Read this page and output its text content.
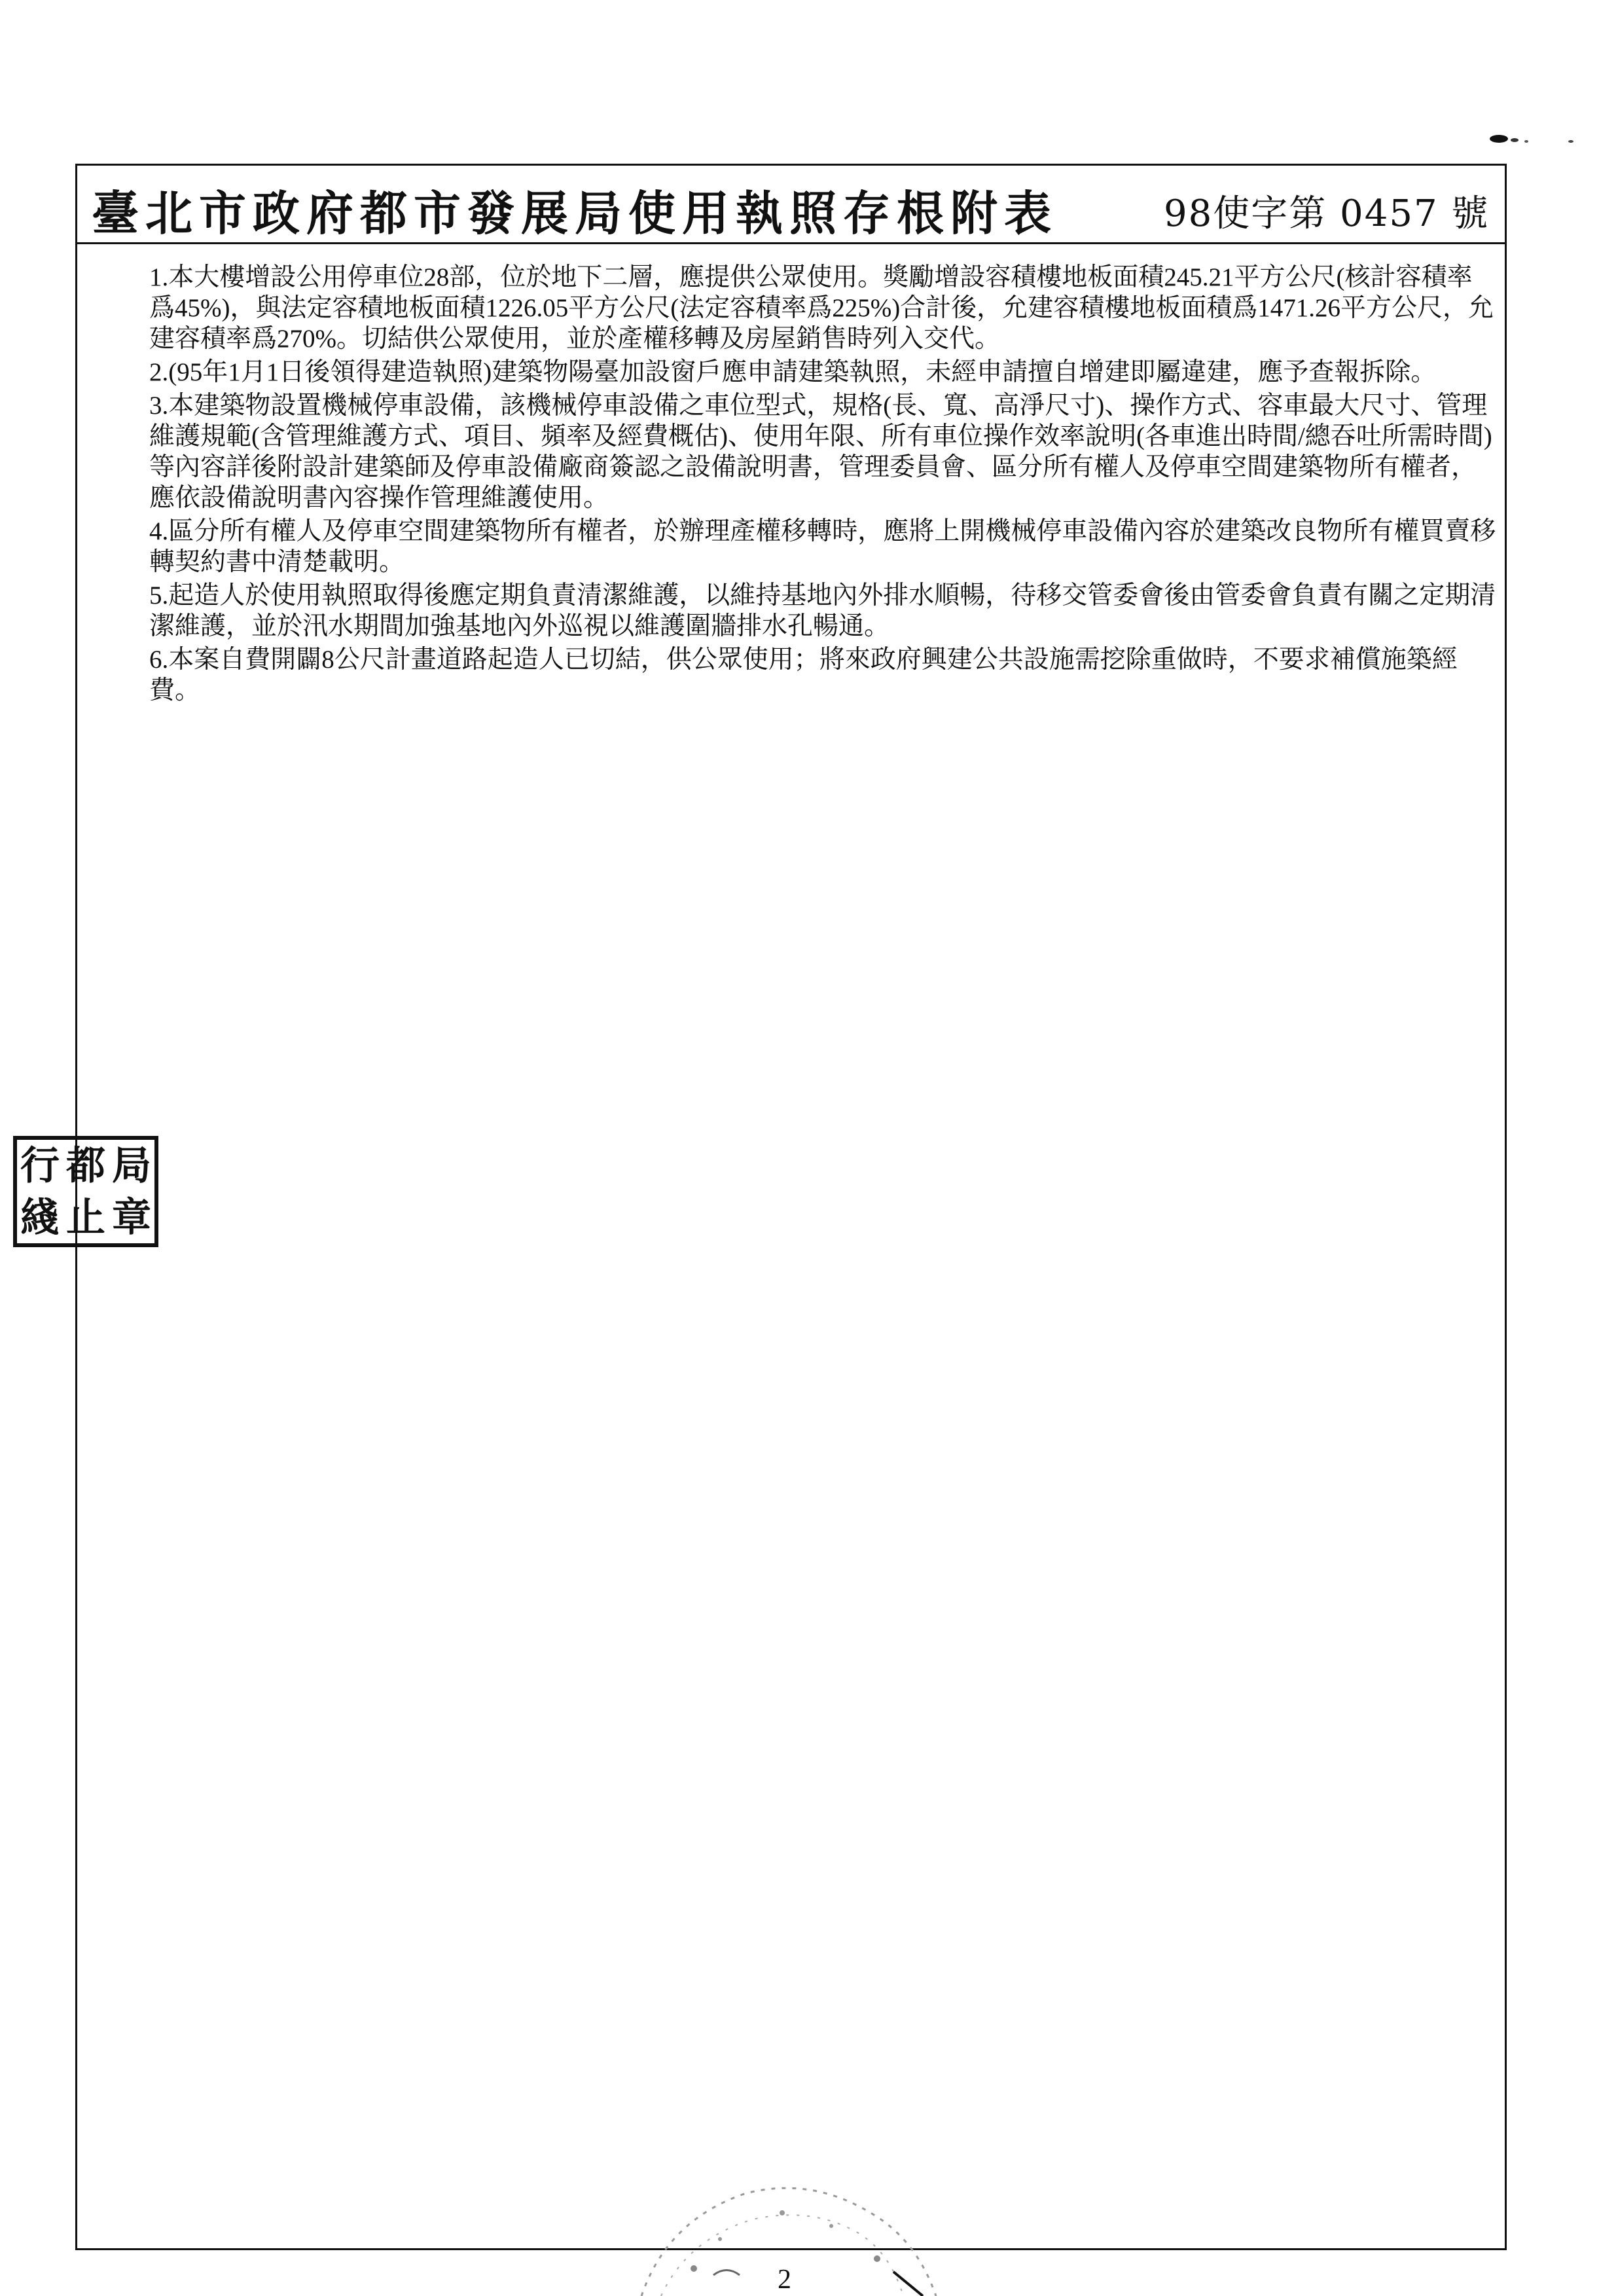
臺北市政府都市發展局使用執照存根附表	98使字第 0457 號

1.本大樓增設公用停車位28部，位於地下二層，應提供公眾使用。獎勵增設容積樓地板面積245.21平方公尺(核計容積率爲45%)，與法定容積地板面積1226.05平方公尺(法定容積率爲225%)合計後，允建容積樓地板面積爲1471.26平方公尺，允建容積率爲270%。切結供公眾使用，並於產權移轉及房屋銷售時列入交代。

2.(95年1月1日後領得建造執照)建築物陽臺加設窗戶應申請建築執照，未經申請擅自增建即屬違建，應予查報拆除。

3.本建築物設置機械停車設備，該機械停車設備之車位型式，規格(長、寬、高淨尺寸)、操作方式、容車最大尺寸、管理維護規範(含管理維護方式、項目、頻率及經費概估)、使用年限、所有車位操作效率說明(各車進出時間/總吞吐所需時間)等內容詳後附設計建築師及停車設備廠商簽認之設備說明書，管理委員會、區分所有權人及停車空間建築物所有權者，應依設備說明書內容操作管理維護使用。

4.區分所有權人及停車空間建築物所有權者，於辦理產權移轉時，應將上開機械停車設備內容於建築改良物所有權買賣移轉契約書中清楚載明。

5.起造人於使用執照取得後應定期負責清潔維護，以維持基地內外排水順暢，待移交管委會後由管委會負責有關之定期清潔維護，並於汛水期間加強基地內外巡視以維護圍牆排水孔暢通。

6.本案自費開闢8公尺計畫道路起造人已切結，供公眾使用；將來政府興建公共設施需挖除重做時，不要求補償施築經費。

行 都 局
綫 止 章
2
